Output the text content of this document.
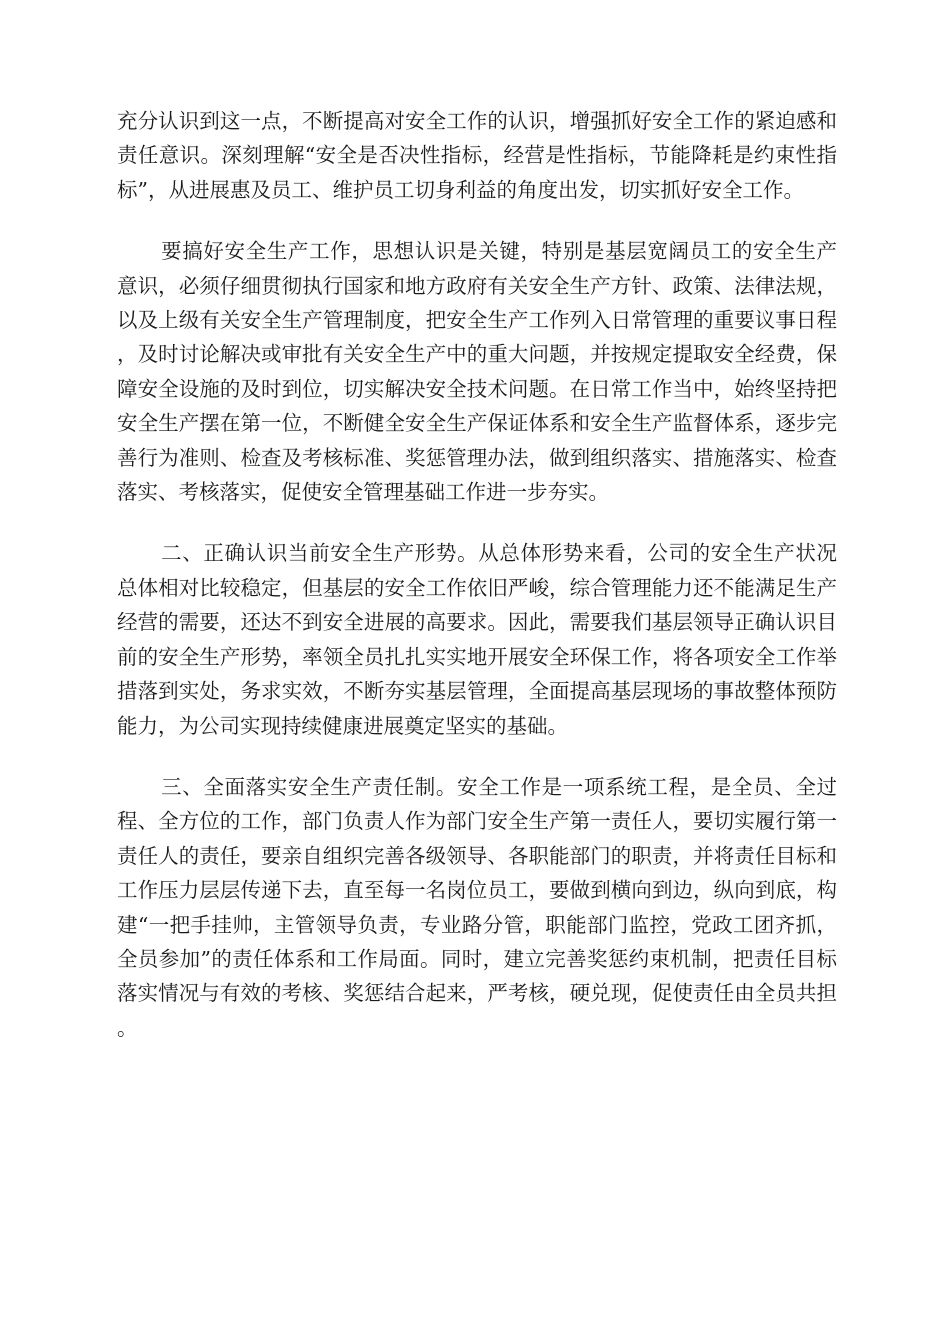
充分认识到这一点，不断提高对安全工作的认识，增强抓好安全工作的紧迫感和责任意识。深刻理解“安全是否决性指标，经营是性指标，节能降耗是约束性指标”，从进展惠及员工、维护员工切身利益的角度出发，切实抓好安全工作。

要搞好安全生产工作，思想认识是关键，特别是基层宽阔员工的安全生产意识，必须仔细贯彻执行国家和地方政府有关安全生产方针、政策、法律法规，以及上级有关安全生产管理制度，把安全生产工作列入日常管理的重要议事日程，及时讨论解决或审批有关安全生产中的重大问题，并按规定提取安全经费，保障安全设施的及时到位，切实解决安全技术问题。在日常工作当中，始终坚持把安全生产摆在第一位，不断健全安全生产保证体系和安全生产监督体系，逐步完善行为准则、检查及考核标准、奖惩管理办法，做到组织落实、措施落实、检查落实、考核落实，促使安全管理基础工作进一步夯实。

二、正确认识当前安全生产形势。从总体形势来看，公司的安全生产状况总体相对比较稳定，但基层的安全工作依旧严峻，综合管理能力还不能满足生产经营的需要，还达不到安全进展的高要求。因此，需要我们基层领导正确认识目前的安全生产形势，率领全员扎扎实实地开展安全环保工作，将各项安全工作举措落到实处，务求实效，不断夯实基层管理，全面提高基层现场的事故整体预防能力，为公司实现持续健康进展奠定坚实的基础。

三、全面落实安全生产责任制。安全工作是一项系统工程，是全员、全过程、全方位的工作，部门负责人作为部门安全生产第一责任人，要切实履行第一责任人的责任，要亲自组织完善各级领导、各职能部门的职责，并将责任目标和工作压力层层传递下去，直至每一名岗位员工，要做到横向到边，纵向到底，构建“一把手挂帅，主管领导负责，专业路分管，职能部门监控，党政工团齐抓，全员参加”的责任体系和工作局面。同时，建立完善奖惩约束机制，把责任目标落实情况与有效的考核、奖惩结合起来，严考核，硬兑现，促使责任由全员共担。
